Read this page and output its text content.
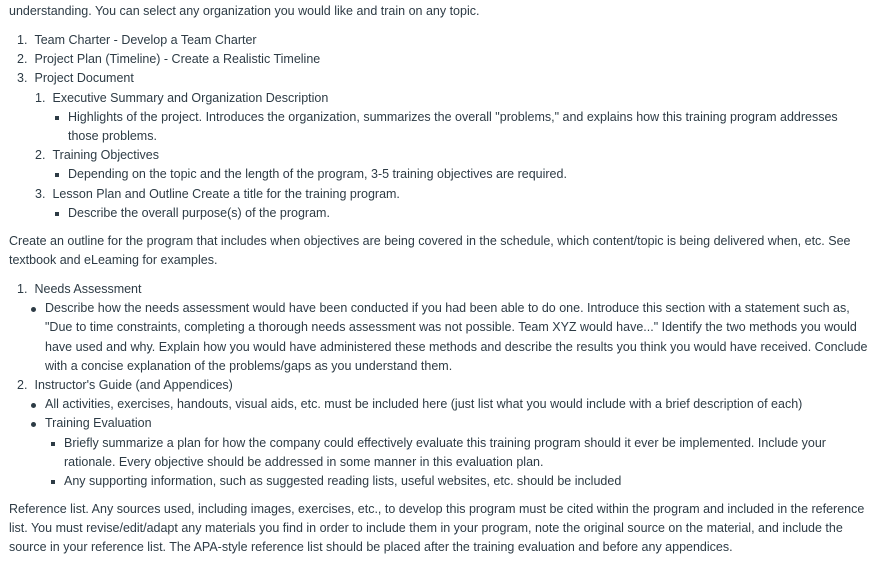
understanding. You can select any organization you would like and train on any topic.

1.
Team Charter - Develop a Team Charter
2.
Project Plan (Timeline) - Create a Realistic Timeline
3.
Project Document
1.
Executive Summary and Organization Description
Highlights of the project. Introduces the organization, summarizes the overall "problems," and explains how this training program addresses those problems.
2.
Training Objectives
Depending on the topic and the length of the program, 3-5 training objectives are required.
3.
Lesson Plan and Outline Create a title for the training program.
Describe the overall purpose(s) of the program.

Create an outline for the program that includes when objectives are being covered in the schedule, which content/topic is being delivered when, etc. See textbook and eLeaming for examples.

1.
Needs Assessment
Describe how the needs assessment would have been conducted if you had been able to do one. Introduce this section with a statement such as, "Due to time constraints, completing a thorough needs assessment was not possible. Team XYZ would have..." Identify the two methods you would have used and why. Explain how you would have administered these methods and describe the results you think you would have received. Conclude with a concise explanation of the problems/gaps as you understand them.
2.
Instructor's Guide (and Appendices)
All activities, exercises, handouts, visual aids, etc. must be included here (just list what you would include with a brief description of each)
Training Evaluation
Briefly summarize a plan for how the company could effectively evaluate this training program should it ever be implemented. Include your rationale. Every objective should be addressed in some manner in this evaluation plan.
Any supporting information, such as suggested reading lists, useful websites, etc. should be included

Reference list. Any sources used, including images, exercises, etc., to develop this program must be cited within the program and included in the reference list. You must revise/edit/adapt any materials you find in order to include them in your program, note the original source on the material, and include the source in your reference list. The APA-style reference list should be placed after the training evaluation and before any appendices.
